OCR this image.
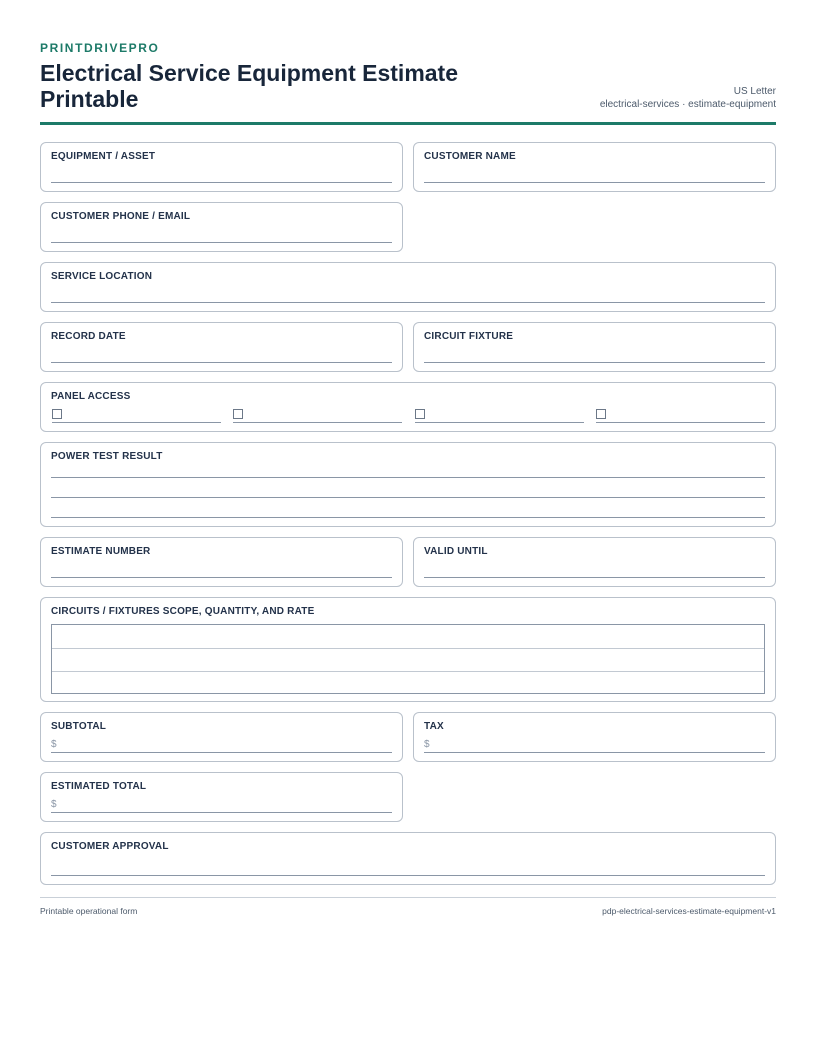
PRINTDRIVEPRO
Electrical Service Equipment Estimate Printable	US Letter
electrical-services · estimate-equipment
EQUIPMENT / ASSET	CUSTOMER NAME
CUSTOMER PHONE / EMAIL
SERVICE LOCATION
RECORD DATE	CIRCUIT FIXTURE
PANEL ACCESS
POWER TEST RESULT
ESTIMATE NUMBER	VALID UNTIL
CIRCUITS / FIXTURES SCOPE, QUANTITY, AND RATE
SUBTOTAL
$
TAX
$
ESTIMATED TOTAL
$
CUSTOMER APPROVAL
Printable operational form	pdp-electrical-services-estimate-equipment-v1
